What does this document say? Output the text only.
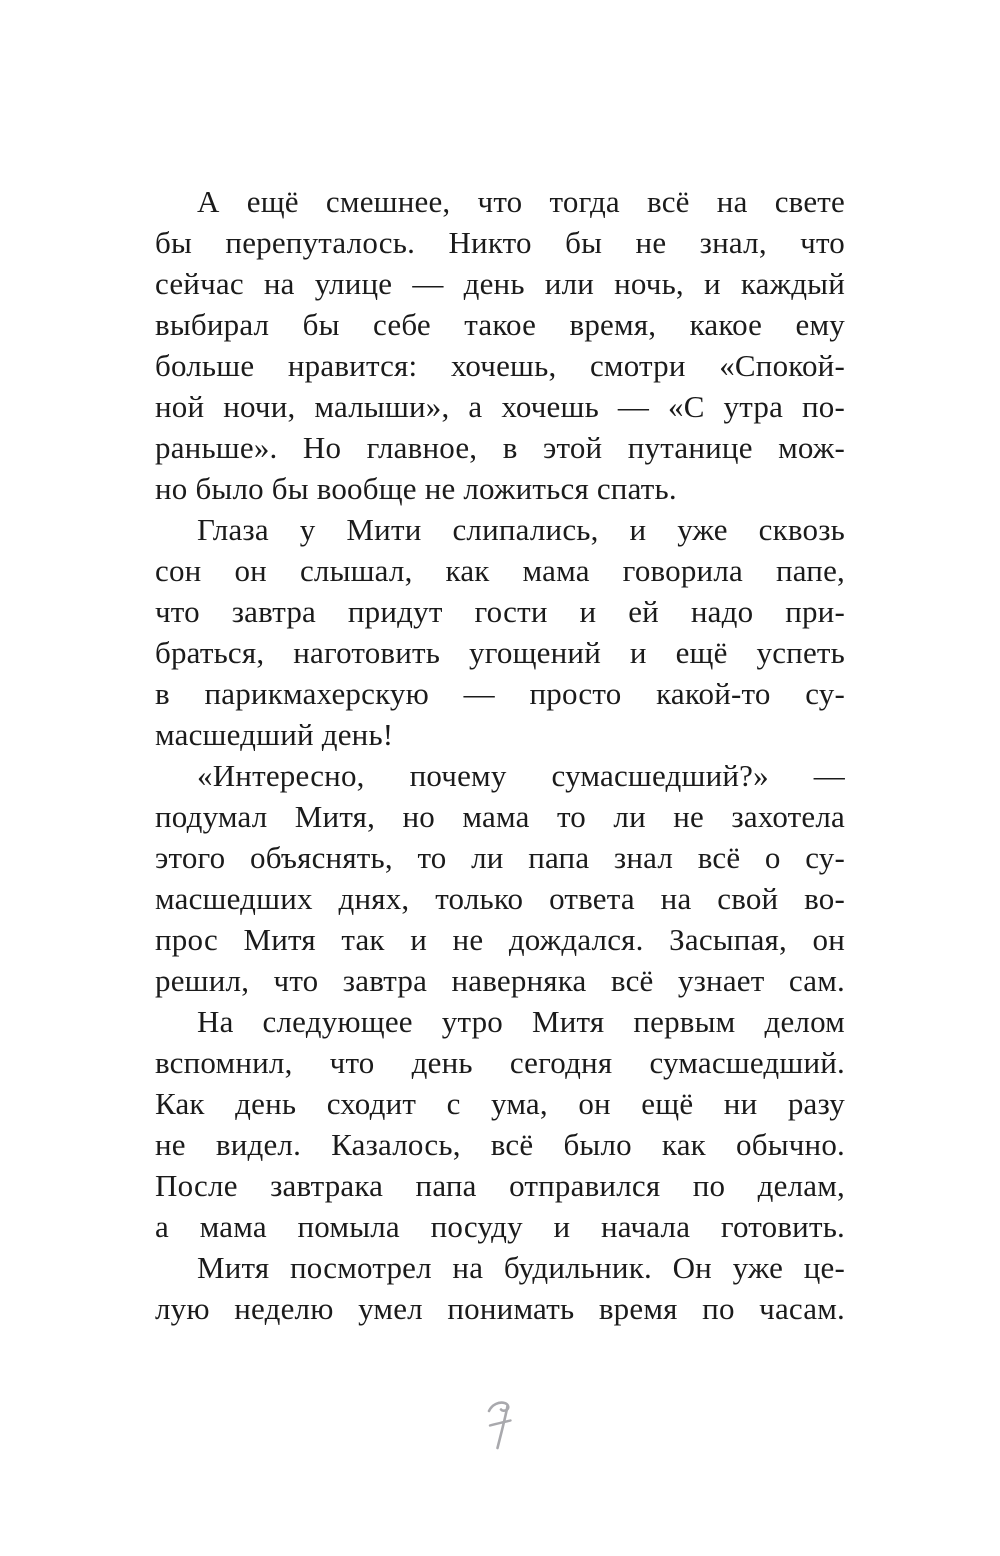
А ещё смешнее, что тогда всё на свете
бы перепуталось. Никто бы не знал, что
сейчас на улице — день или ночь, и каждый
выбирал бы себе такое время, какое ему
больше нравится: хочешь, смотри «Спокой-
ной ночи, малыши», а хочешь — «С утра по-
раньше». Но главное, в этой путанице мож-
но было бы вообще не ложиться спать.
Глаза у Мити слипались, и уже сквозь
сон он слышал, как мама говорила папе,
что завтра придут гости и ей надо при-
браться, наготовить угощений и ещё успеть
в парикмахерскую — просто какой-то су-
масшедший день!
«Интересно, почему сумасшедший?» —
подумал Митя, но мама то ли не захотела
этого объяснять, то ли папа знал всё о су-
масшедших днях, только ответа на свой во-
прос Митя так и не дождался. Засыпая, он
решил, что завтра наверняка всё узнает сам.
На следующее утро Митя первым делом
вспомнил, что день сегодня сумасшедший.
Как день сходит с ума, он ещё ни разу
не видел. Казалось, всё было как обычно.
После завтрака папа отправился по делам,
а мама помыла посуду и начала готовить.
Митя посмотрел на будильник. Он уже це-
лую неделю умел понимать время по часам.
